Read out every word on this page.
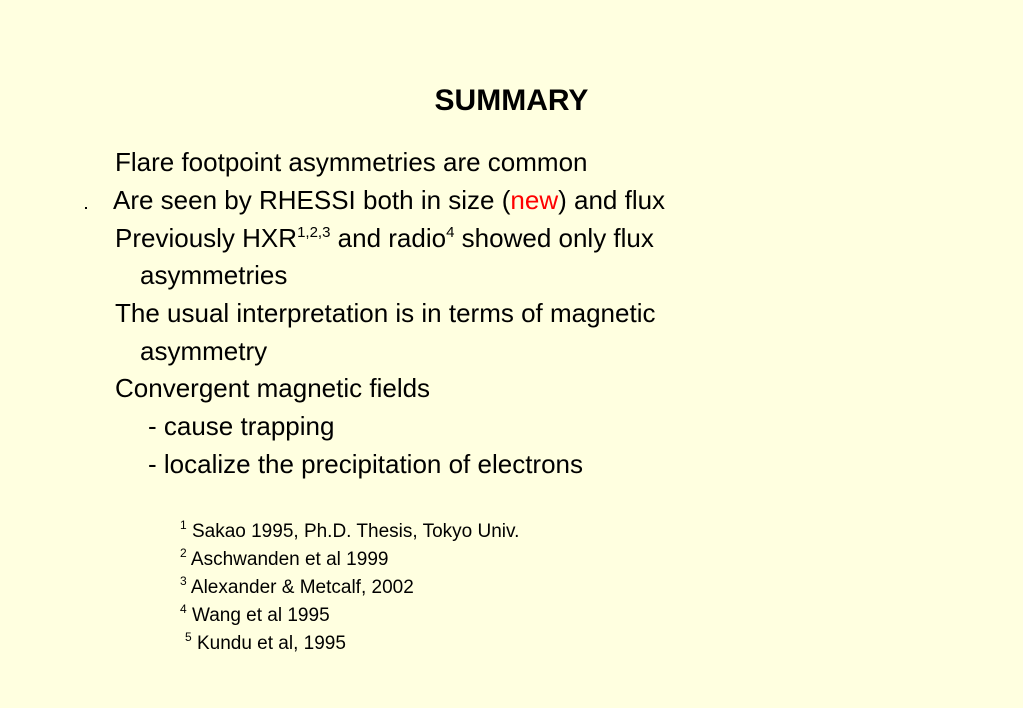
SUMMARY
Flare footpoint asymmetries are common
Are seen by RHESSI both in size (new) and flux
Previously HXR$^{1,2,3}$ and radio$^4$ showed only flux
asymmetries
The usual interpretation is in terms of magnetic
asymmetry
Convergent magnetic fields
- cause trapping
- localize the precipitation of electrons
$^1$ Sakao 1995, Ph.D. Thesis, Tokyo Univ.
$^2$ Aschwanden et al 1999
$^3$ Alexander & Metcalf, 2002
$^4$ Wang et al 1995
$^5$ Kundu et al, 1995
